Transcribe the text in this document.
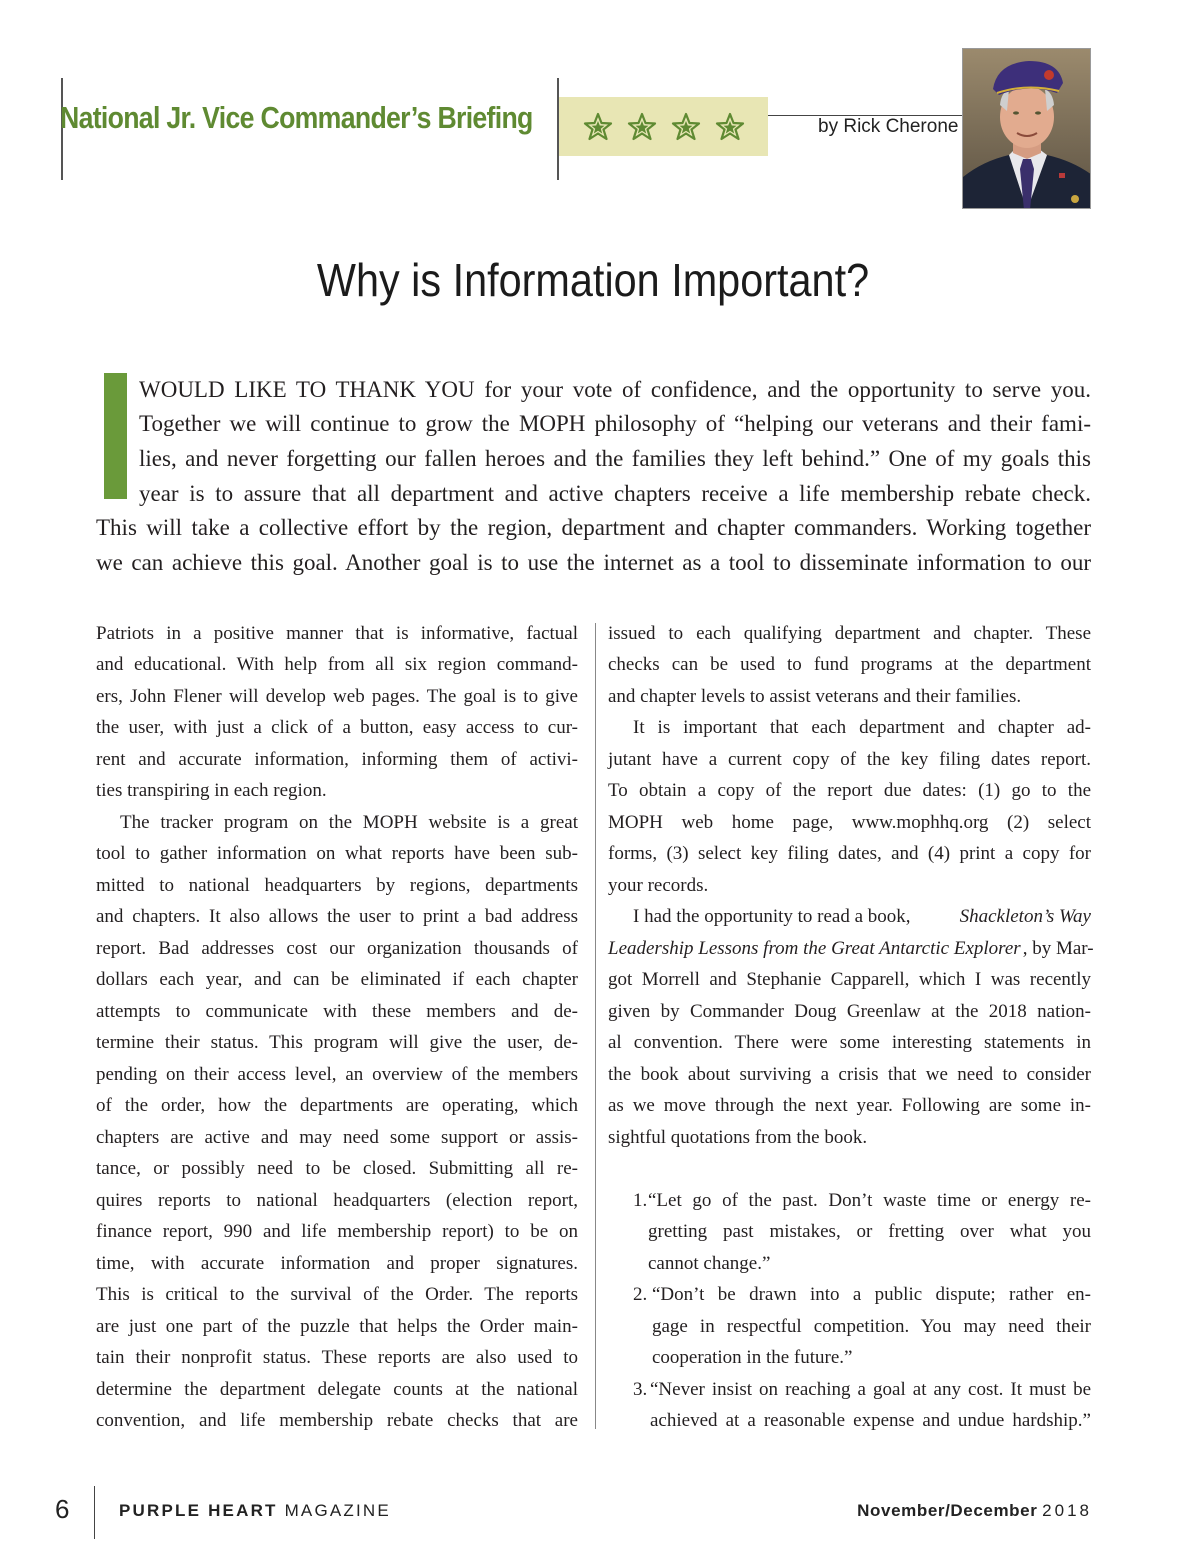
National Jr. Vice Commander’s Briefing	by Rick Cherone
Why is Information Important?
WOULD LIKE TO THANK YOU for your vote of confidence, and the opportunity to serve you.
Together we will continue to grow the MOPH philosophy of “helping our veterans and their fami-
lies, and never forgetting our fallen heroes and the families they left behind.” One of my goals this
year is to assure that all department and active chapters receive a life membership rebate check.
This will take a collective effort by the region, department and chapter commanders. Working together
we can achieve this goal. Another goal is to use the internet as a tool to disseminate information to our
Patriots in a positive manner that is informative, factual
and educational. With help from all six region command-
ers, John Flener will develop web pages. The goal is to give
the user, with just a click of a button, easy access to cur-
rent and accurate information, informing them of activi-
ties transpiring in each region.
The tracker program on the MOPH website is a great
tool to gather information on what reports have been sub-
mitted to national headquarters by regions, departments
and chapters. It also allows the user to print a bad address
report. Bad addresses cost our organization thousands of
dollars each year, and can be eliminated if each chapter
attempts to communicate with these members and de-
termine their status. This program will give the user, de-
pending on their access level, an overview of the members
of the order, how the departments are operating, which
chapters are active and may need some support or assis-
tance, or possibly need to be closed. Submitting all re-
quires reports to national headquarters (election report,
finance report, 990 and life membership report) to be on
time, with accurate information and proper signatures.
This is critical to the survival of the Order. The reports
are just one part of the puzzle that helps the Order main-
tain their nonprofit status. These reports are also used to
determine the department delegate counts at the national
convention, and life membership rebate checks that are
issued to each qualifying department and chapter. These
checks can be used to fund programs at the department
and chapter levels to assist veterans and their families.
It is important that each department and chapter ad-
jutant have a current copy of the key filing dates report.
To obtain a copy of the report due dates: (1) go to the
MOPH web home page, www.mophhq.org (2) select
forms, (3) select key filing dates, and (4) print a copy for
your records.
I had the opportunity to read a book,	Shackleton’s Way
Leadership Lessons from the Great Antarctic Explorer , by Mar-
got Morrell and Stephanie Capparell, which I was recently
given by Commander Doug Greenlaw at the 2018 nation-
al convention. There were some interesting statements in
the book about surviving a crisis that we need to consider
as we move through the next year. Following are some in-
sightful quotations from the book.
1. “Let go of the past. Don’t waste time or energy re-
gretting past mistakes, or fretting over what you
cannot change.”
2. “Don’t be drawn into a public dispute; rather en-
gage in respectful competition. You may need their
cooperation in the future.”
3. “Never insist on reaching a goal at any cost. It must be
achieved at a reasonable expense and undue hardship.”
6	PURPLE HEART MAGAZINE	November/December 2018
